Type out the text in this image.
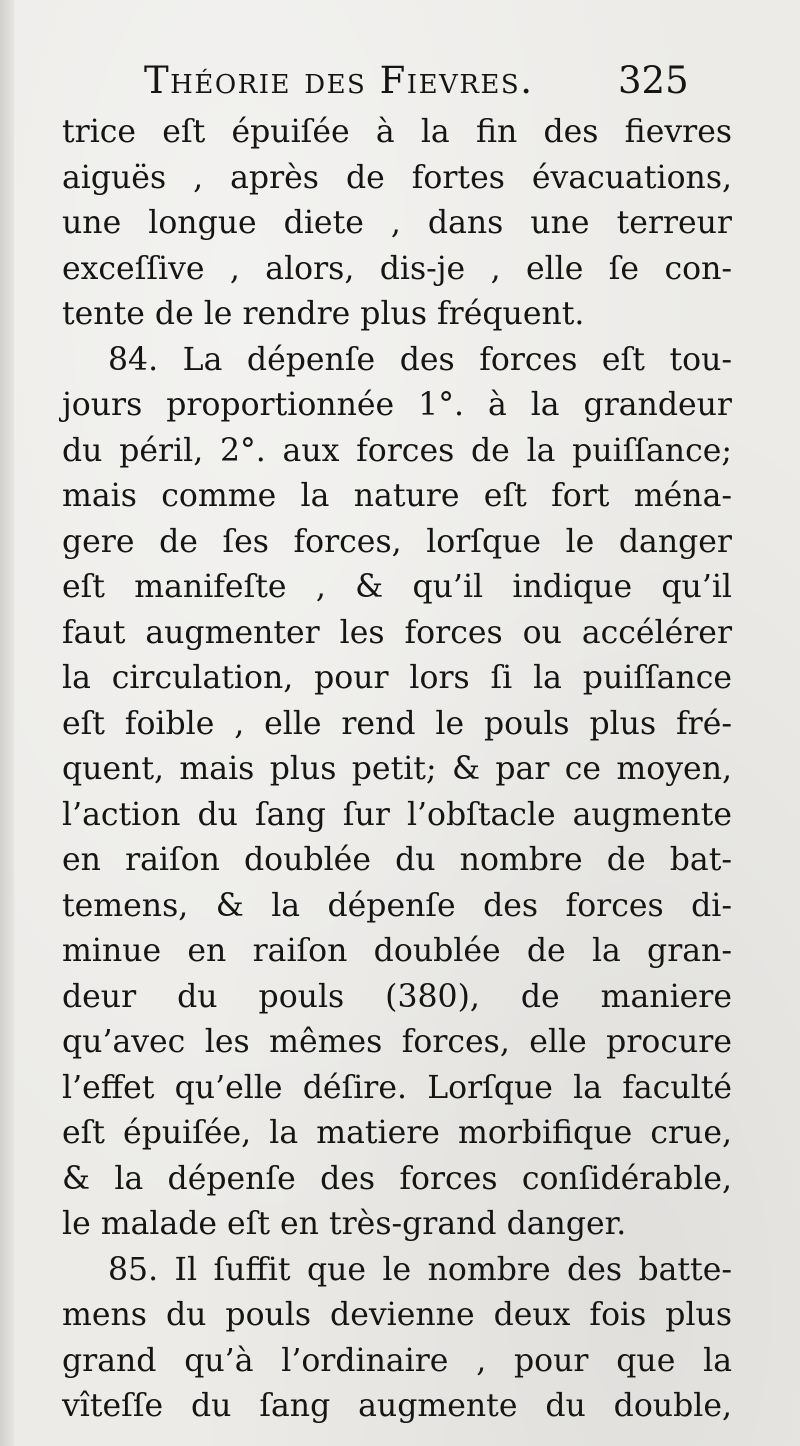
Théorie des Fievres. 325
trice eſt épuiſée à la fin des fievres
aiguës , après de fortes évacuations,
une longue diete , dans une terreur
exceſſive , alors, dis-je , elle ſe con-
tente de le rendre plus fréquent.
84. La dépenſe des forces eſt tou-
jours proportionnée 1°. à la grandeur
du péril, 2°. aux forces de la puiſſance;
mais comme la nature eſt fort ména-
gere de ſes forces, lorſque le danger
eſt manifeſte , & qu’il indique qu’il
faut augmenter les forces ou accélérer
la circulation, pour lors ſi la puiſſance
eſt foible , elle rend le pouls plus fré-
quent, mais plus petit; & par ce moyen,
l’action du ſang ſur l’obſtacle augmente
en raiſon doublée du nombre de bat-
temens, & la dépenſe des forces di-
minue en raiſon doublée de la gran-
deur du pouls (380), de maniere
qu’avec les mêmes forces, elle procure
l’effet qu’elle déſire. Lorſque la faculté
eſt épuiſée, la matiere morbifique crue,
& la dépenſe des forces conſidérable,
le malade eſt en très-grand danger.
85. Il ſuffit que le nombre des batte-
mens du pouls devienne deux fois plus
grand qu’à l’ordinaire , pour que la
vîteſſe du ſang augmente du double,
